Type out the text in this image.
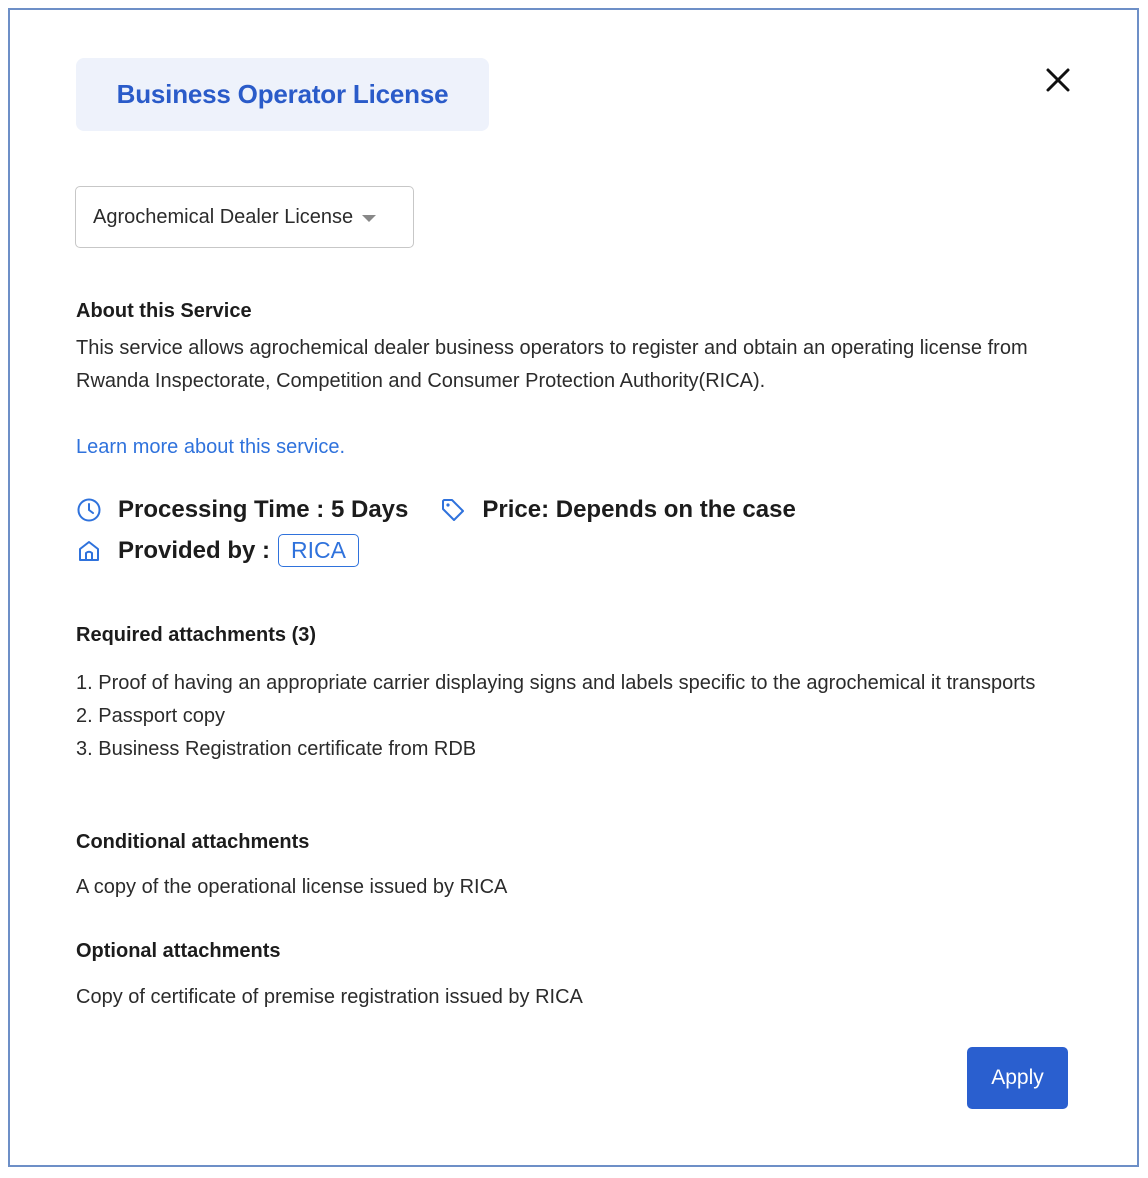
Business Operator License
Agrochemical Dealer License
About this Service
This service allows agrochemical dealer business operators to register and obtain an operating license from Rwanda Inspectorate, Competition and Consumer Protection Authority(RICA).
Learn more about this service.
Processing Time : 5 Days	Price: Depends on the case
Provided by : RICA
Required attachments (3)
1. Proof of having an appropriate carrier displaying signs and labels specific to the agrochemical it transports
2. Passport copy
3. Business Registration certificate from RDB
Conditional attachments
A copy of the operational license issued by RICA
Optional attachments
Copy of certificate of premise registration issued by RICA
Apply
